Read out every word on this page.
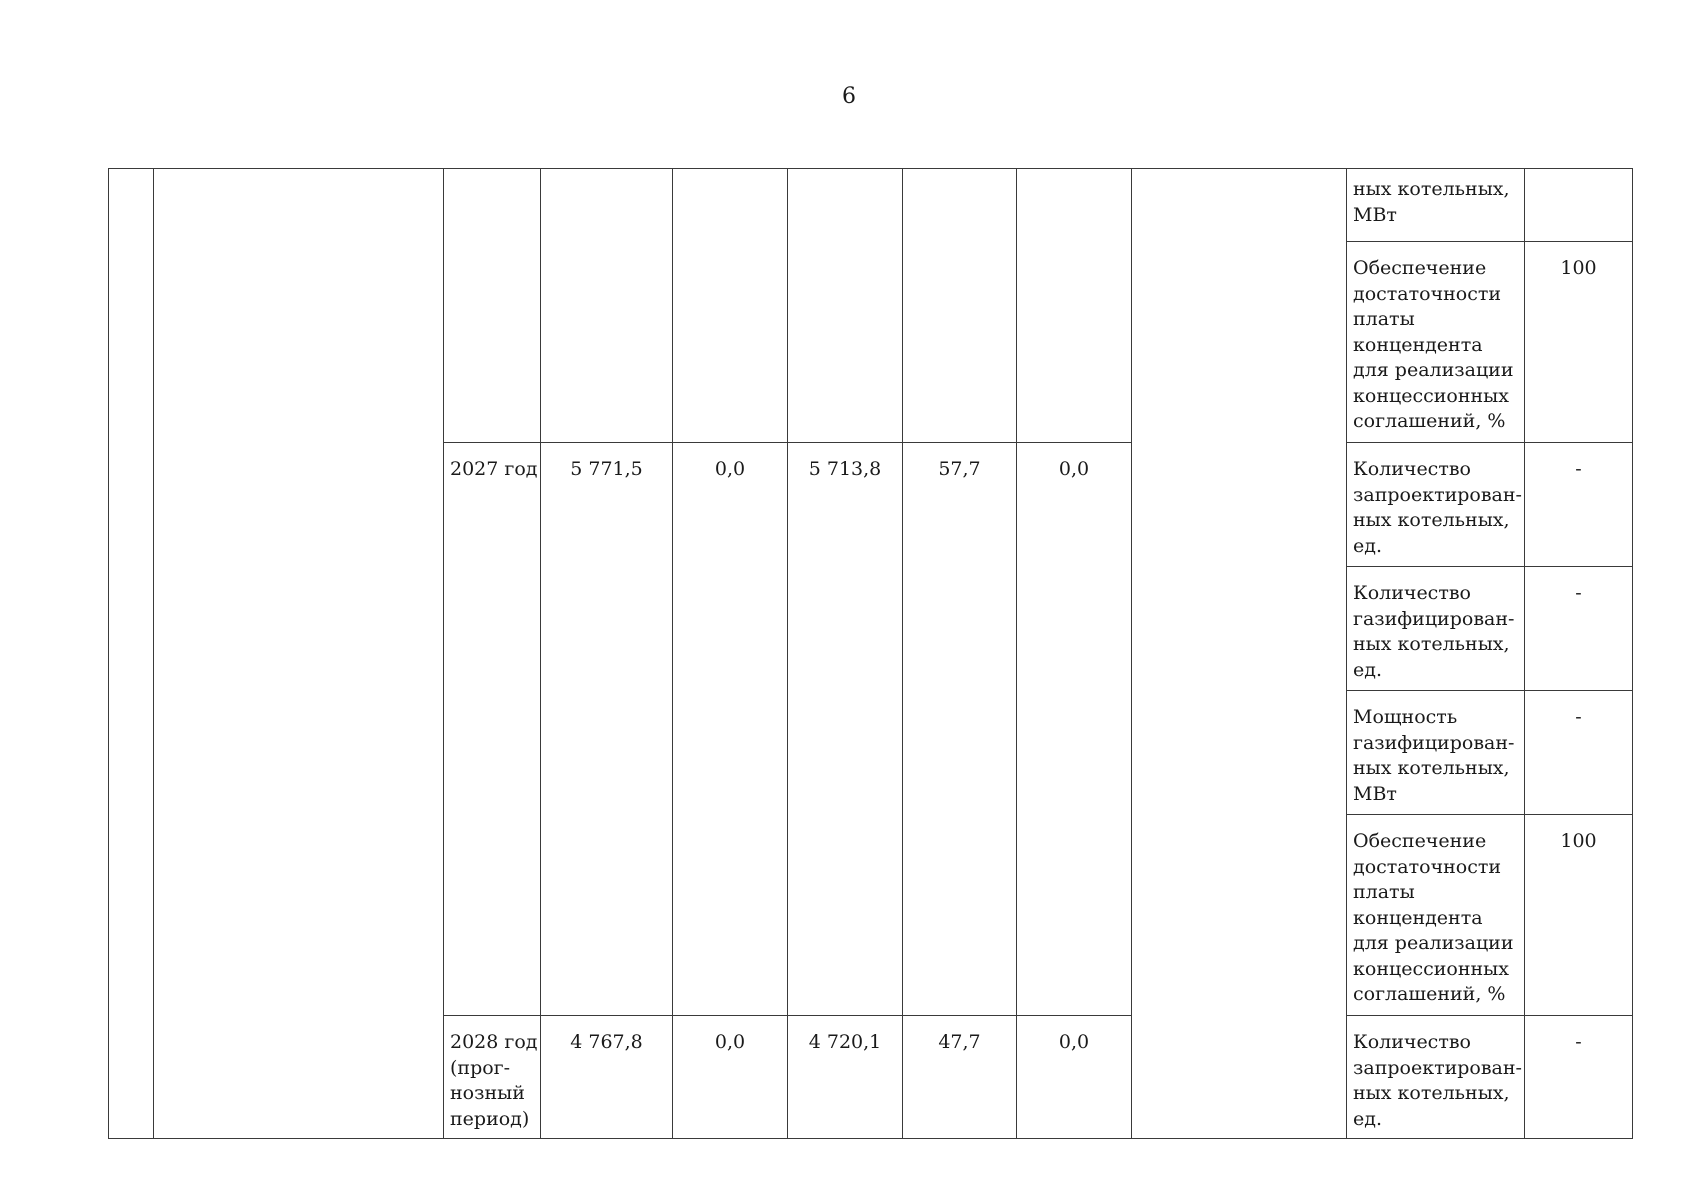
6
									ных котельных, МВт	
									Обеспечение достаточности платы концендента для реализации концессионных соглашений, %	100
		2027 год	5 771,5	0,0	5 713,8	57,7	0,0		Количество запроектирован-ных котельных, ед.	-
									Количество газифицирован-ных котельных, ед.	-
									Мощность газифицирован-ных котельных, МВт	-
									Обеспечение достаточности платы концендента для реализации концессионных соглашений, %	100
		2028 год (прог-нозный период)	4 767,8	0,0	4 720,1	47,7	0,0		Количество запроектирован-ных котельных, ед.	-
